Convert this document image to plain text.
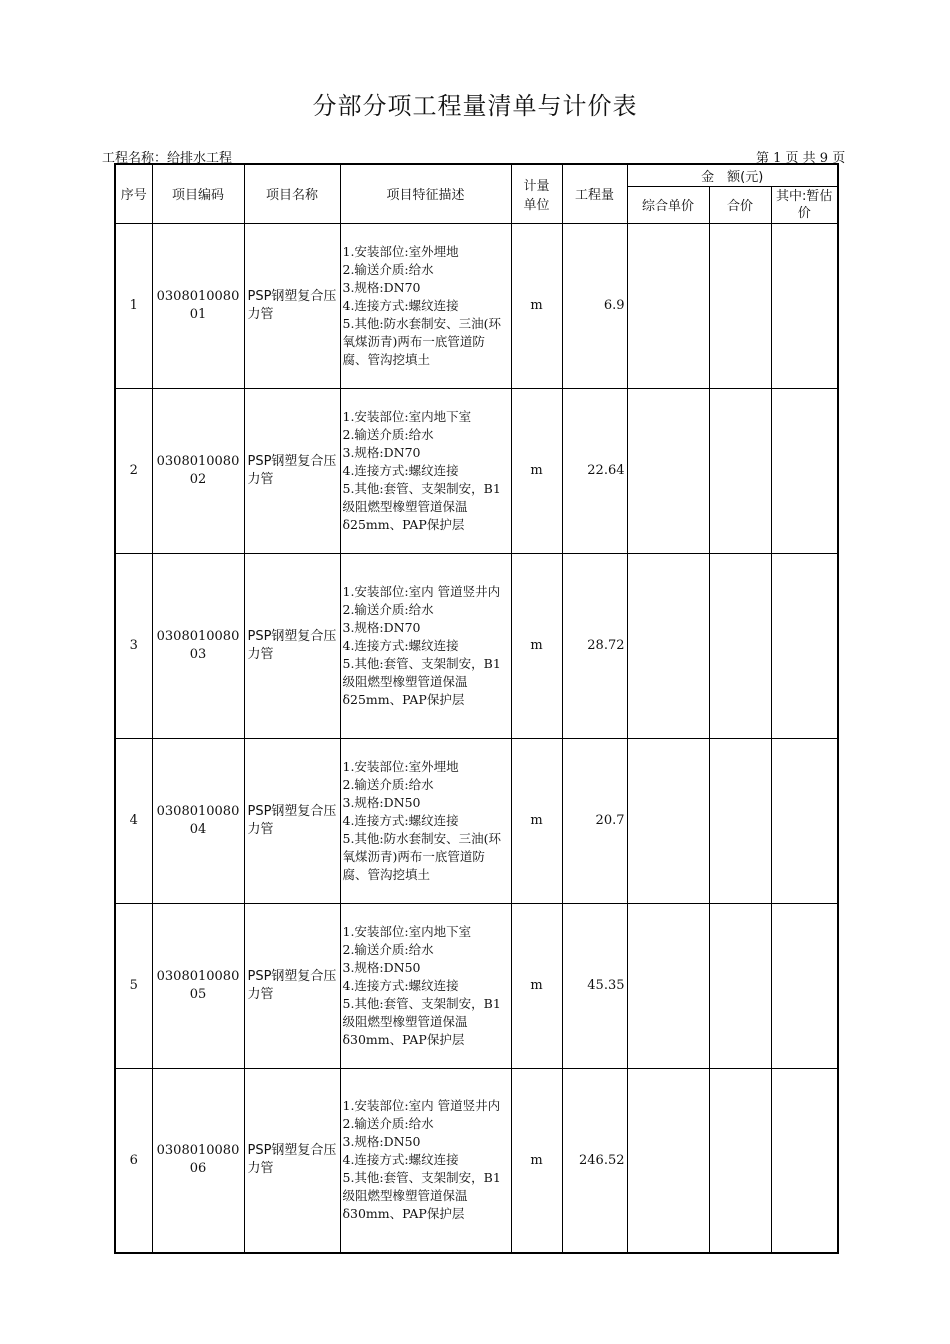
分部分项工程量清单与计价表
工程名称：给排水工程	第 1 页 共 9 页
序号	项目编码	项目名称	项目特征描述	计量单位	工程量	金　额(元)		
						综合单价	合价	其中:暂估价
1	030801008001	PSP钢塑复合压力管	1.安装部位:室外埋地
2.输送介质:给水
3.规格:DN70
4.连接方式:螺纹连接
5.其他:防水套制安、三油(环氧煤沥青)两布一底管道防腐、管沟挖填土	m	6.9			
2	030801008002	PSP钢塑复合压力管	1.安装部位:室内地下室
2.输送介质:给水
3.规格:DN70
4.连接方式:螺纹连接
5.其他:套管、支架制安，B1级阻燃型橡塑管道保温δ25mm、PAP保护层	m	22.64			
3	030801008003	PSP钢塑复合压力管	1.安装部位:室内 管道竖井内
2.输送介质:给水
3.规格:DN70
4.连接方式:螺纹连接
5.其他:套管、支架制安，B1级阻燃型橡塑管道保温δ25mm、PAP保护层	m	28.72			
4	030801008004	PSP钢塑复合压力管	1.安装部位:室外埋地
2.输送介质:给水
3.规格:DN50
4.连接方式:螺纹连接
5.其他:防水套制安、三油(环氧煤沥青)两布一底管道防腐、管沟挖填土	m	20.7			
5	030801008005	PSP钢塑复合压力管	1.安装部位:室内地下室
2.输送介质:给水
3.规格:DN50
4.连接方式:螺纹连接
5.其他:套管、支架制安，B1级阻燃型橡塑管道保温δ30mm、PAP保护层	m	45.35			
6	030801008006	PSP钢塑复合压力管	1.安装部位:室内 管道竖井内
2.输送介质:给水
3.规格:DN50
4.连接方式:螺纹连接
5.其他:套管、支架制安，B1级阻燃型橡塑管道保温δ30mm、PAP保护层	m	246.52			
